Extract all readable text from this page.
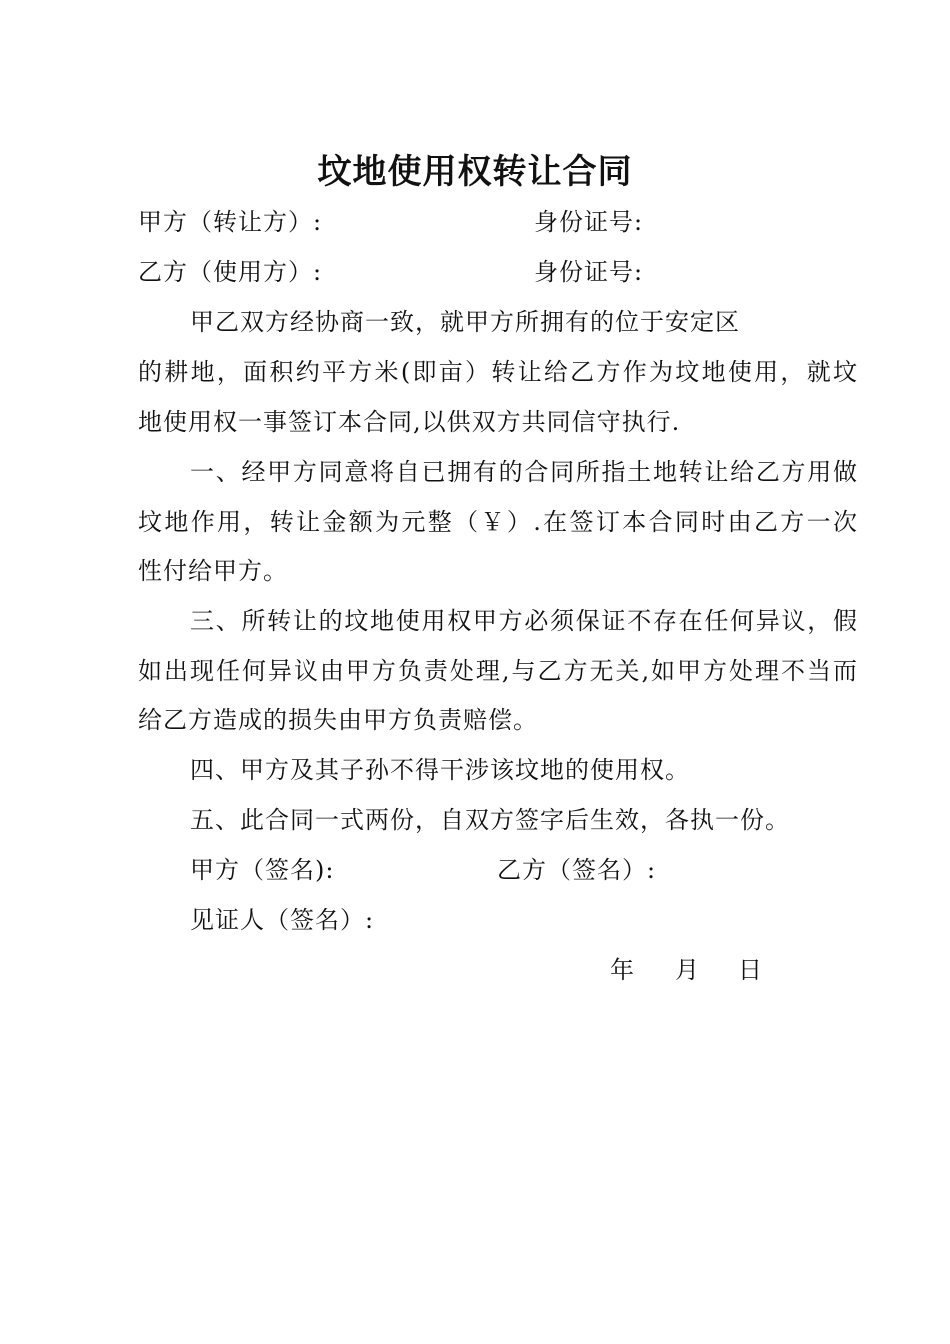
坟地使用权转让合同
甲方（转让方）:	身份证号:
乙方（使用方）:	身份证号:
甲乙双方经协商一致，就甲方所拥有的位于安定区
的耕地，面积约平方米(即亩）转让给乙方作为坟地使用，就坟
地使用权一事签订本合同,以供双方共同信守执行.
一、经甲方同意将自已拥有的合同所指土地转让给乙方用做
坟地作用，转让金额为元整（￥）.在签订本合同时由乙方一次
性付给甲方。
三、所转让的坟地使用权甲方必须保证不存在任何异议，假
如出现任何异议由甲方负责处理,与乙方无关,如甲方处理不当而
给乙方造成的损失由甲方负责赔偿。
四、甲方及其子孙不得干涉该坟地的使用权。
五、此合同一式两份，自双方签字后生效，各执一份。
甲方（签名):	乙方（签名）:
见证人（签名）:
年 月 日
